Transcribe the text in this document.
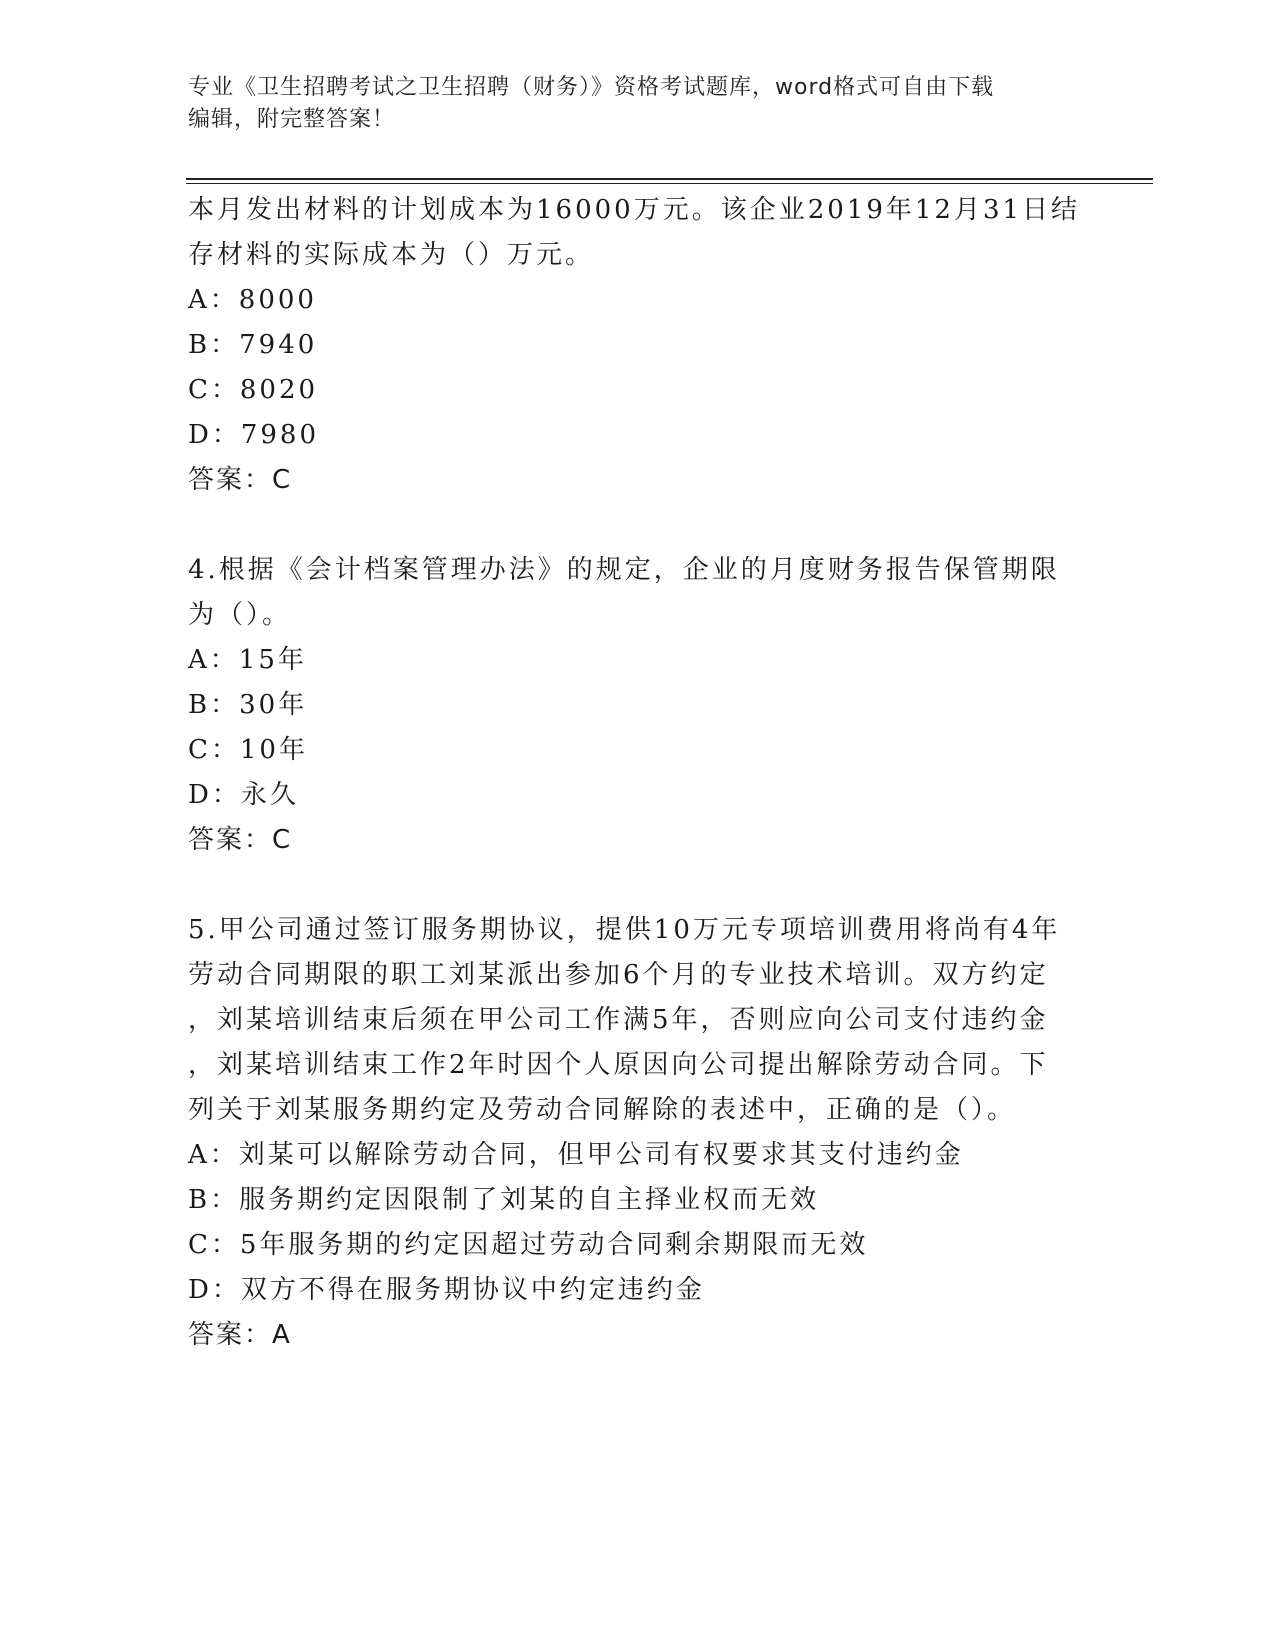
专业《卫生招聘考试之卫生招聘（财务）》资格考试题库，word格式可自由下载
编辑，附完整答案！

本月发出材料的计划成本为16000万元。该企业2019年12月31日结

存材料的实际成本为（）万元。

A：8000

B：7940

C：8020

D：7980

答案：C

4.根据《会计档案管理办法》的规定，企业的月度财务报告保管期限

为（）。

A：15年

B：30年

C：10年

D：永久

答案：C

5.甲公司通过签订服务期协议，提供10万元专项培训费用将尚有4年

劳动合同期限的职工刘某派出参加6个月的专业技术培训。双方约定

，刘某培训结束后须在甲公司工作满5年，否则应向公司支付违约金

，刘某培训结束工作2年时因个人原因向公司提出解除劳动合同。下

列关于刘某服务期约定及劳动合同解除的表述中，正确的是（）。

A：刘某可以解除劳动合同，但甲公司有权要求其支付违约金

B：服务期约定因限制了刘某的自主择业权而无效

C：5年服务期的约定因超过劳动合同剩余期限而无效

D：双方不得在服务期协议中约定违约金

答案：A
